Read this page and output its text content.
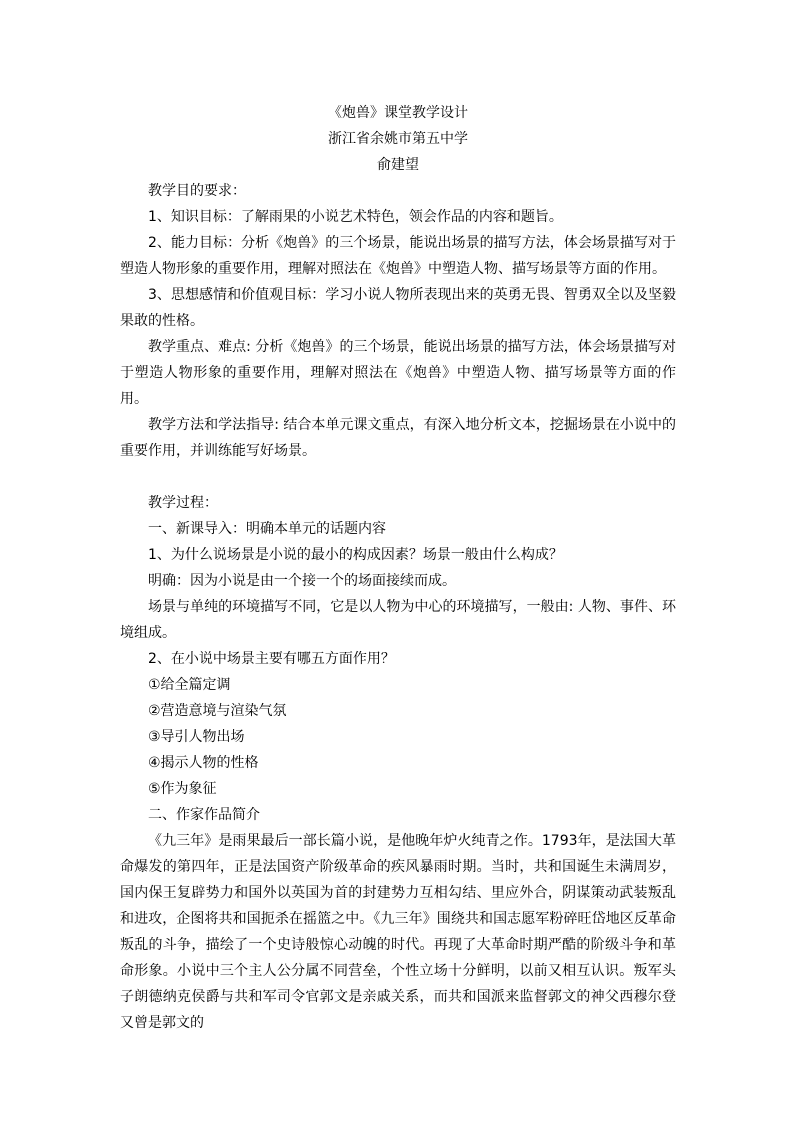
《炮兽》课堂教学设计

浙江省余姚市第五中学

俞建望

教学目的要求：

1、知识目标：了解雨果的小说艺术特色，领会作品的内容和题旨。

2、能力目标：分析《炮兽》的三个场景，能说出场景的描写方法，体会场景描写对于塑造人物形象的重要作用，理解对照法在《炮兽》中塑造人物、描写场景等方面的作用。

3、思想感情和价值观目标：学习小说人物所表现出来的英勇无畏、智勇双全以及坚毅果敢的性格。

教学重点、难点: 分析《炮兽》的三个场景，能说出场景的描写方法，体会场景描写对于塑造人物形象的重要作用，理解对照法在《炮兽》中塑造人物、描写场景等方面的作用。

教学方法和学法指导: 结合本单元课文重点，有深入地分析文本，挖掘场景在小说中的重要作用，并训练能写好场景。

教学过程：

一、新课导入：明确本单元的话题内容

1、为什么说场景是小说的最小的构成因素？场景一般由什么构成？

明确：因为小说是由一个接一个的场面接续而成。

场景与单纯的环境描写不同，它是以人物为中心的环境描写，一般由: 人物、事件、环境组成。

2、在小说中场景主要有哪五方面作用？

①给全篇定调

②营造意境与渲染气氛

③导引人物出场

④揭示人物的性格

⑤作为象征

二、作家作品简介

《九三年》是雨果最后一部长篇小说，是他晚年炉火纯青之作。1793年，是法国大革命爆发的第四年，正是法国资产阶级革命的疾风暴雨时期。当时，共和国诞生未满周岁，国内保王复辟势力和国外以英国为首的封建势力互相勾结、里应外合，阴谋策动武装叛乱和进攻，企图将共和国扼杀在摇篮之中。《九三年》围绕共和国志愿军粉碎旺岱地区反革命叛乱的斗争，描绘了一个史诗般惊心动魄的时代。再现了大革命时期严酷的阶级斗争和革命形象。小说中三个主人公分属不同营垒，个性立场十分鲜明，以前又相互认识。叛军头子朗德纳克侯爵与共和军司令官郭文是亲戚关系，而共和国派来监督郭文的神父西穆尔登又曾是郭文的
